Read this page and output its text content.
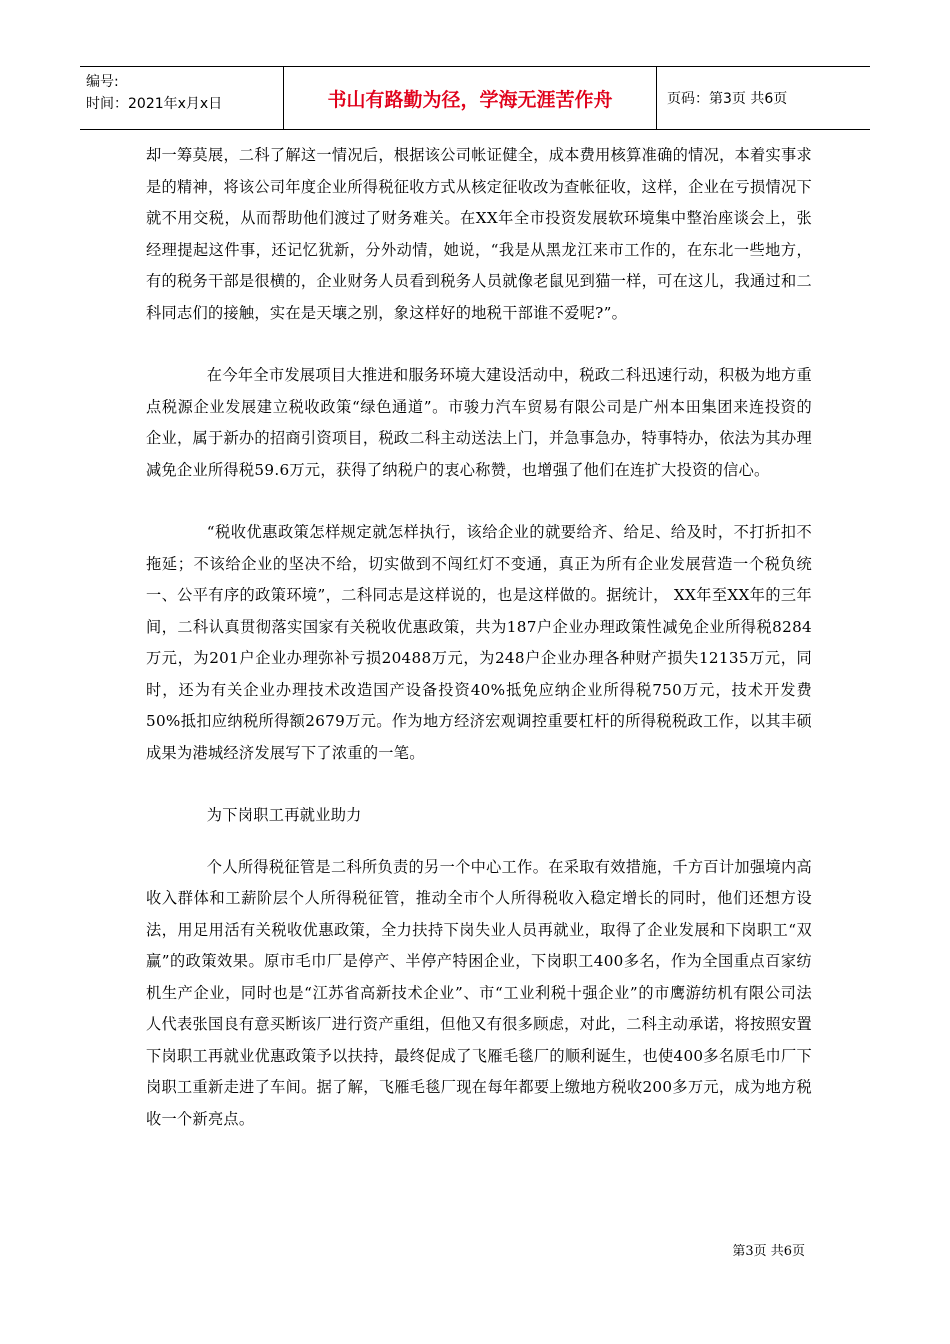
编号:
时间：2021年x月x日	书山有路勤为径，学海无涯苦作舟	页码：第3页 共6页

却一筹莫展，二科了解这一情况后，根据该公司帐证健全，成本费用核算准确的情况，本着实事求是的精神，将该公司年度企业所得税征收方式从核定征收改为查帐征收，这样，企业在亏损情况下就不用交税，从而帮助他们渡过了财务难关。在XX年全市投资发展软环境集中整治座谈会上，张经理提起这件事，还记忆犹新，分外动情，她说，“我是从黑龙江来市工作的，在东北一些地方，有的税务干部是很横的，企业财务人员看到税务人员就像老鼠见到猫一样，可在这儿，我通过和二科同志们的接触，实在是天壤之别，象这样好的地税干部谁不爱呢?”。

在今年全市发展项目大推进和服务环境大建设活动中，税政二科迅速行动，积极为地方重点税源企业发展建立税收政策“绿色通道”。市骏力汽车贸易有限公司是广州本田集团来连投资的企业，属于新办的招商引资项目，税政二科主动送法上门，并急事急办，特事特办，依法为其办理减免企业所得税59.6万元，获得了纳税户的衷心称赞，也增强了他们在连扩大投资的信心。

“税收优惠政策怎样规定就怎样执行，该给企业的就要给齐、给足、给及时，不打折扣不拖延；不该给企业的坚决不给，切实做到不闯红灯不变通，真正为所有企业发展营造一个税负统一、公平有序的政策环境”，二科同志是这样说的，也是这样做的。据统计， XX年至XX年的三年间，二科认真贯彻落实国家有关税收优惠政策，共为187户企业办理政策性减免企业所得税8284万元，为201户企业办理弥补亏损20488万元，为248户企业办理各种财产损失12135万元，同时，还为有关企业办理技术改造国产设备投资40%抵免应纳企业所得税750万元，技术开发费50%抵扣应纳税所得额2679万元。作为地方经济宏观调控重要杠杆的所得税税政工作，以其丰硕成果为港城经济发展写下了浓重的一笔。

为下岗职工再就业助力

个人所得税征管是二科所负责的另一个中心工作。在采取有效措施，千方百计加强境内高收入群体和工薪阶层个人所得税征管，推动全市个人所得税收入稳定增长的同时，他们还想方设法，用足用活有关税收优惠政策，全力扶持下岗失业人员再就业，取得了企业发展和下岗职工“双赢”的政策效果。原市毛巾厂是停产、半停产特困企业，下岗职工400多名，作为全国重点百家纺机生产企业，同时也是“江苏省高新技术企业”、市“工业利税十强企业”的市鹰游纺机有限公司法人代表张国良有意买断该厂进行资产重组，但他又有很多顾虑，对此，二科主动承诺，将按照安置下岗职工再就业优惠政策予以扶持，最终促成了飞雁毛毯厂的顺利诞生，也使400多名原毛巾厂下岗职工重新走进了车间。据了解，飞雁毛毯厂现在每年都要上缴地方税收200多万元，成为地方税收一个新亮点。

第3页 共6页
